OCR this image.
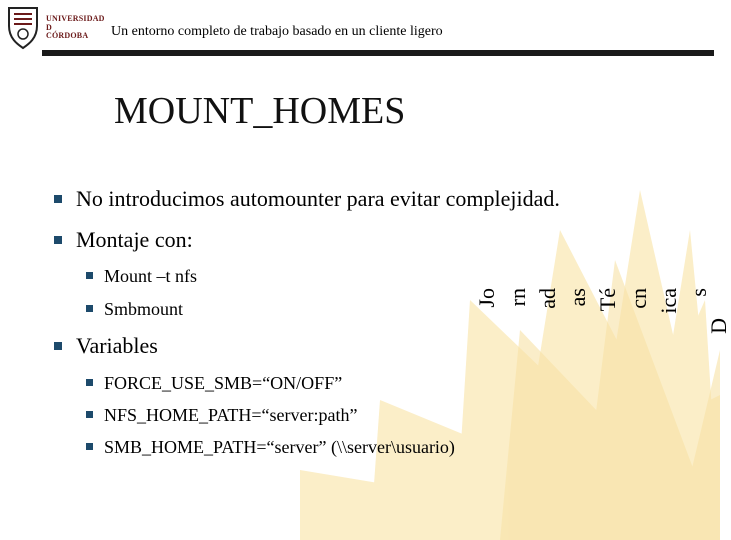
UNIVERSIDAD
D
CÓRDOBA	Un entorno completo de trabajo basado en un cliente ligero
MOUNT_HOMES
No introducimos automounter para evitar complejidad.
Montaje con:
Mount –t nfs
Smbmount
Variables
FORCE_USE_SMB=“ON/OFF”
NFS_HOME_PATH=“server:path”
SMB_HOME_PATH=“server” (\\server\usuario)
Jo rn ad as Té cn ica s
D
